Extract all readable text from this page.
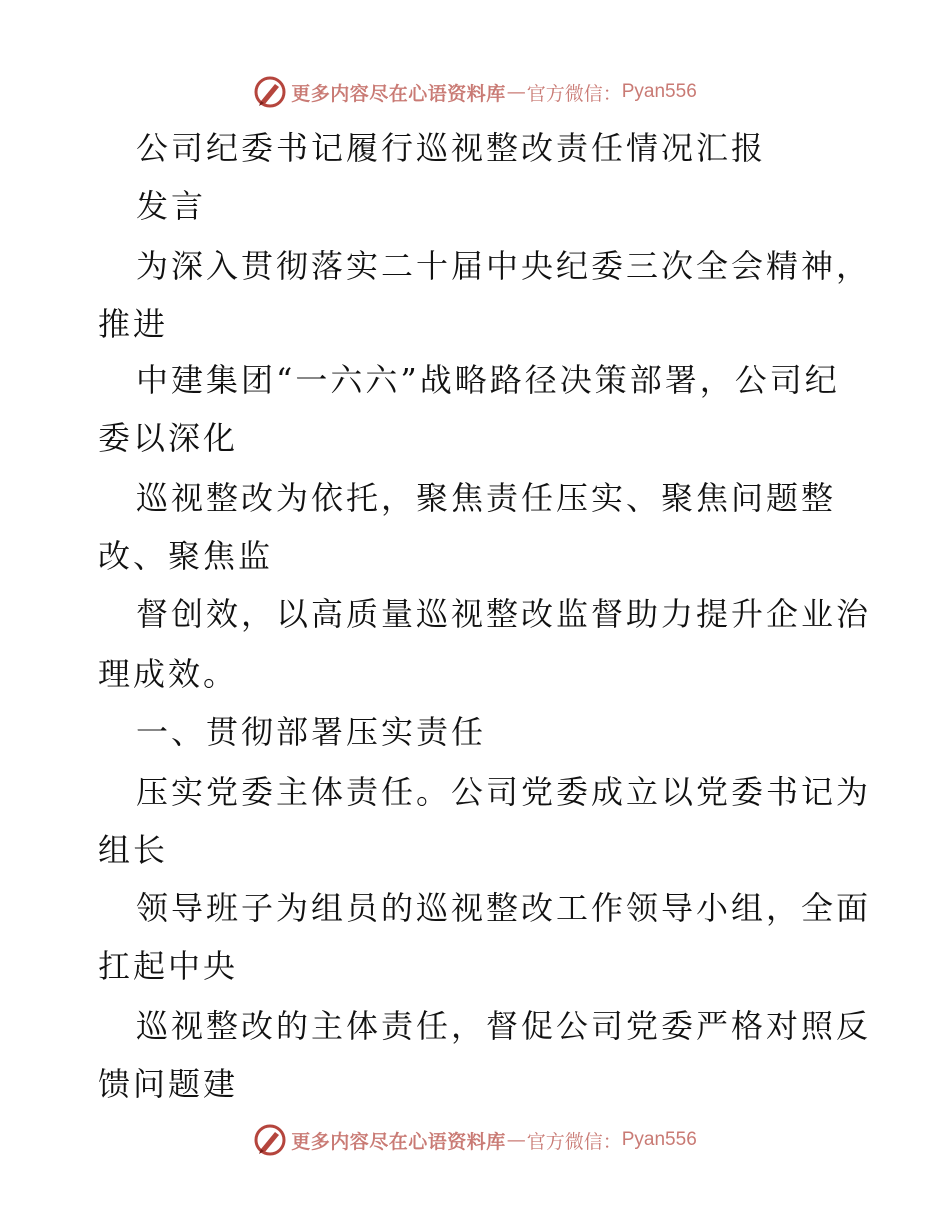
更多内容尽在心语资料库 — 官方微信： Pyan556
公司纪委书记履行巡视整改责任情况汇报
发言
为深入贯彻落实二十届中央纪委三次全会精神，
推进
中建集团“一六六”战略路径决策部署，公司纪
委以深化
巡视整改为依托，聚焦责任压实、聚焦问题整
改、聚焦监
督创效，以高质量巡视整改监督助力提升企业治
理成效。
一、贯彻部署压实责任
压实党委主体责任。公司党委成立以党委书记为
组长
领导班子为组员的巡视整改工作领导小组，全面
扛起中央
巡视整改的主体责任，督促公司党委严格对照反
馈问题建
更多内容尽在心语资料库 — 官方微信： Pyan556
